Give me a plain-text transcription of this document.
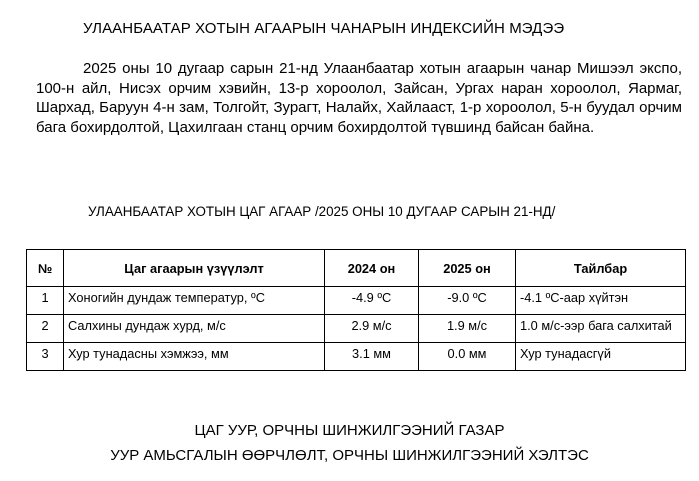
УЛААНБААТАР ХОТЫН АГААРЫН ЧАНАРЫН ИНДЕКСИЙН МЭДЭЭ
2025 оны 10 дугаар сарын 21-нд Улаанбаатар хотын агаарын чанар Мишээл экспо, 100-н айл, Нисэх орчим хэвийн, 13-р хороолол, Зайсан, Ургах наран хороолол, Яармаг, Шархад, Баруун 4-н зам, Толгойт, Зурагт, Налайх, Хайлааст, 1-р хороолол, 5-н буудал орчим бага бохирдолтой, Цахилгаан станц орчим бохирдолтой түвшинд байсан байна.
УЛААНБААТАР ХОТЫН ЦАГ АГААР /2025 ОНЫ 10 ДУГААР САРЫН 21-НД/
№	Цаг агаарын үзүүлэлт	2024 он	2025 он	Тайлбар
1	Хоногийн дундаж температур, ºC	-4.9 ºC	-9.0 ºC	-4.1 ºC-аар хүйтэн
2	Салхины дундаж хурд, м/с	2.9 м/с	1.9 м/с	1.0 м/с-ээр бага салхитай
3	Хур тунадасны хэмжээ, мм	3.1 мм	0.0 мм	Хур тунадасгүй
ЦАГ УУР, ОРЧНЫ ШИНЖИЛГЭЭНИЙ ГАЗАР
УУР АМЬСГАЛЫН ӨӨРЧЛӨЛТ, ОРЧНЫ ШИНЖИЛГЭЭНИЙ ХЭЛТЭС
